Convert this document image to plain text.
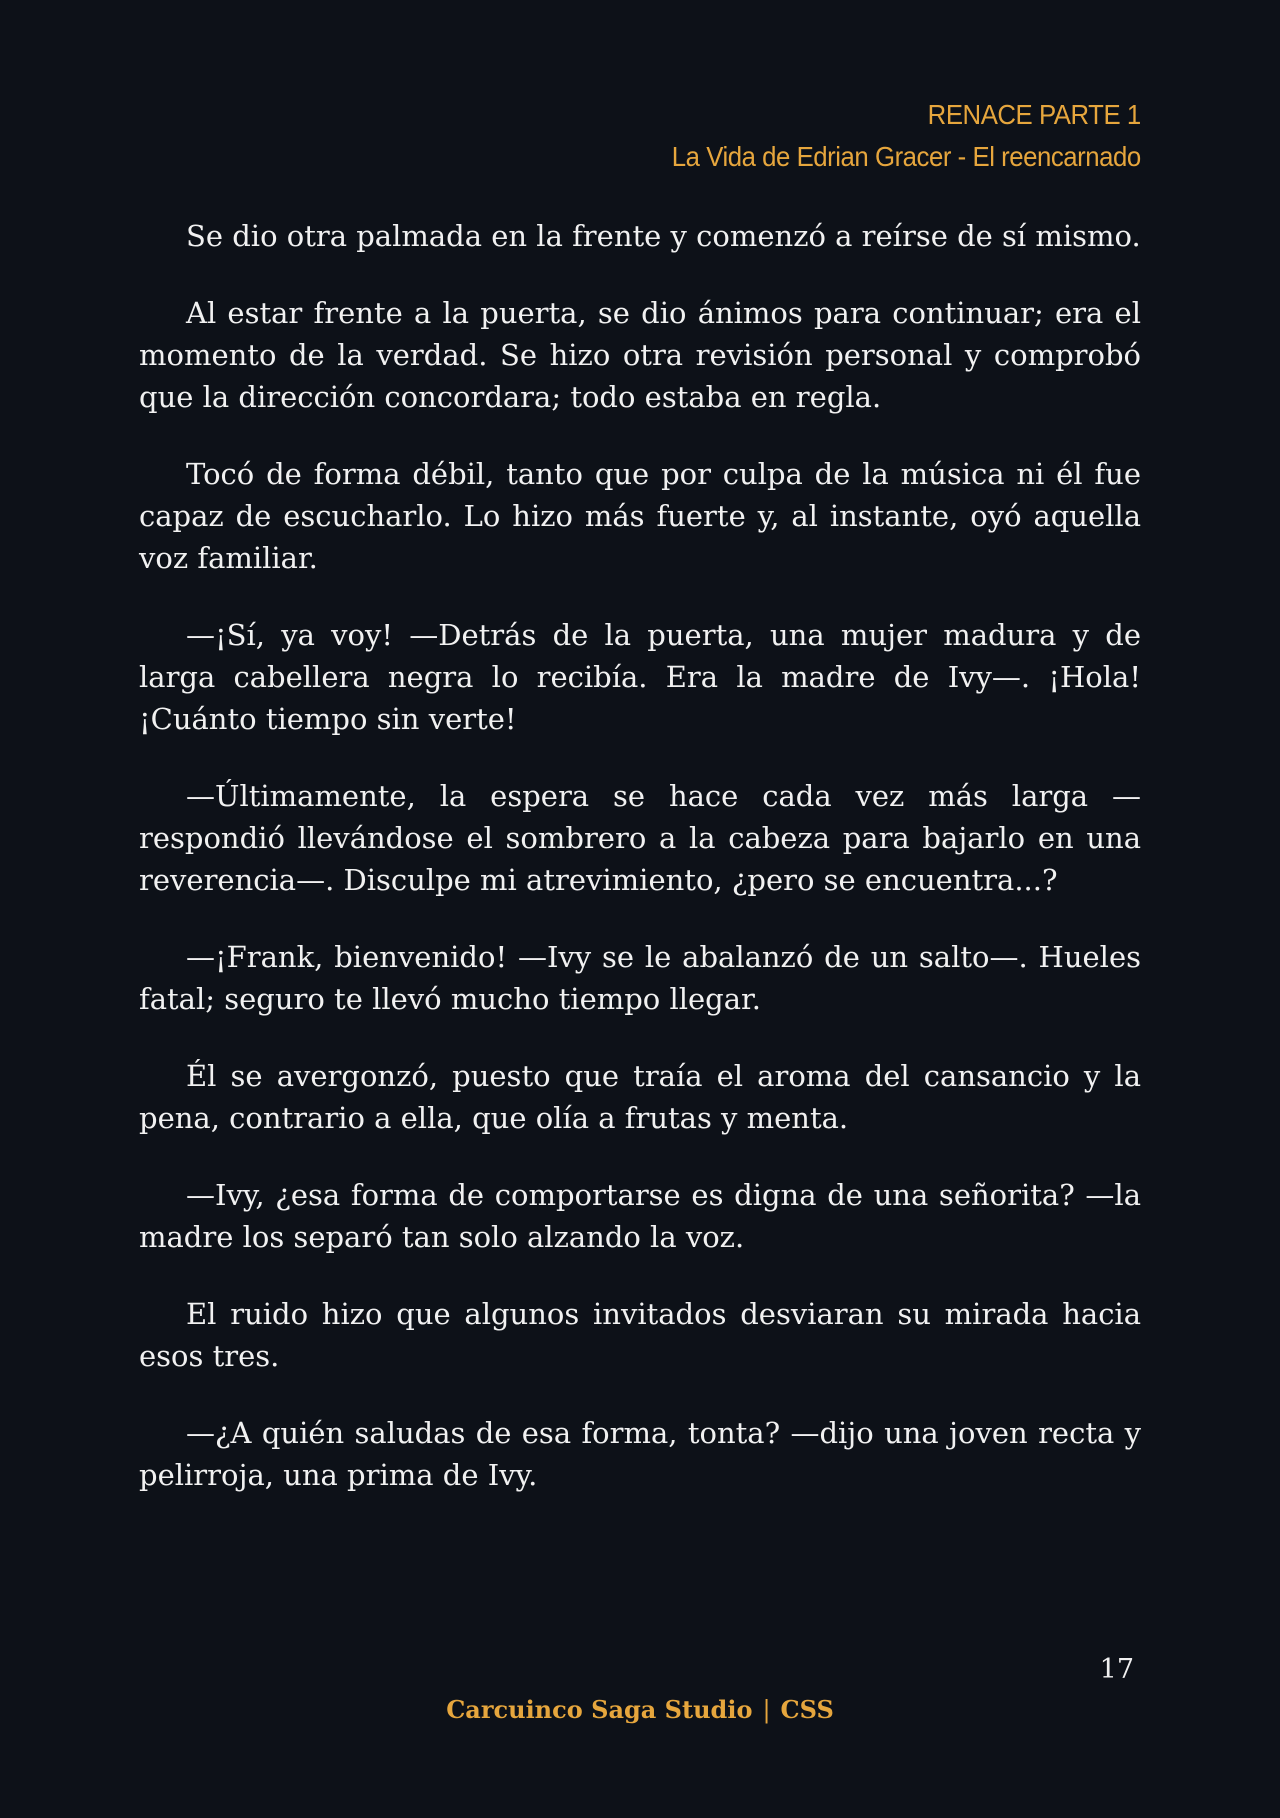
RENACE PARTE 1
La Vida de Edrian Gracer - El reencarnado

Se dio otra palmada en la frente y comenzó a reírse de sí mismo.

Al estar frente a la puerta, se dio ánimos para continuar; era el momento de la verdad. Se hizo otra revisión personal y comprobó que la dirección concordara; todo estaba en regla.

Tocó de forma débil, tanto que por culpa de la música ni él fue capaz de escucharlo. Lo hizo más fuerte y, al instante, oyó aquella voz familiar.

—¡Sí, ya voy! —Detrás de la puerta, una mujer madura y de larga cabellera negra lo recibía. Era la madre de Ivy—. ¡Hola! ¡Cuánto tiempo sin verte!

—Últimamente, la espera se hace cada vez más larga —respondió llevándose el sombrero a la cabeza para bajarlo en una reverencia—. Disculpe mi atrevimiento, ¿pero se encuentra...?

—¡Frank, bienvenido! —Ivy se le abalanzó de un salto—. Hueles fatal; seguro te llevó mucho tiempo llegar.

Él se avergonzó, puesto que traía el aroma del cansancio y la pena, contrario a ella, que olía a frutas y menta.

—Ivy, ¿esa forma de comportarse es digna de una señorita? —la madre los separó tan solo alzando la voz.

El ruido hizo que algunos invitados desviaran su mirada hacia esos tres.

—¿A quién saludas de esa forma, tonta? —dijo una joven recta y pelirroja, una prima de Ivy.

17
Carcuinco Saga Studio | CSS
